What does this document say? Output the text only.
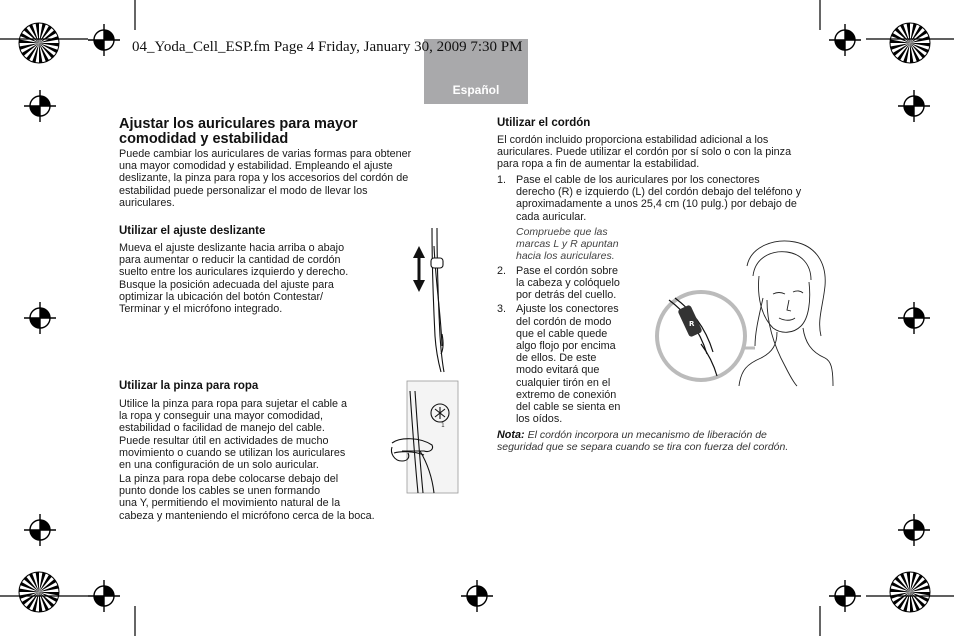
Español
04_Yoda_Cell_ESP.fm Page 4 Friday, January 30, 2009 7:30 PM
Ajustar los auriculares para mayor
comodidad y estabilidad
Puede cambiar los auriculares de varias formas para obtener
una mayor comodidad y estabilidad. Empleando el ajuste
deslizante, la pinza para ropa y los accesorios del cordón de
estabilidad puede personalizar el modo de llevar los
auriculares.
Utilizar el ajuste deslizante
Mueva el ajuste deslizante hacia arriba o abajo
para aumentar o reducir la cantidad de cordón
suelto entre los auriculares izquierdo y derecho.
Busque la posición adecuada del ajuste para
optimizar la ubicación del botón Contestar/
Terminar y el micrófono integrado.
Utilizar la pinza para ropa
Utilice la pinza para ropa para sujetar el cable a
la ropa y conseguir una mayor comodidad,
estabilidad o facilidad de manejo del cable.
Puede resultar útil en actividades de mucho
movimiento o cuando se utilizan los auriculares
en una configuración de un solo auricular.
La pinza para ropa debe colocarse debajo del
punto donde los cables se unen formando
una Y, permitiendo el movimiento natural de la
cabeza y manteniendo el micrófono cerca de la boca.
1
Utilizar el cordón
El cordón incluido proporciona estabilidad adicional a los
auriculares. Puede utilizar el cordón por sí solo o con la pinza
para ropa a fin de aumentar la estabilidad.
1. Pase el cable de los auriculares por los conectores
derecho (R) e izquierdo (L) del cordón debajo del teléfono y
aproximadamente a unos 25,4 cm (10 pulg.) por debajo de
cada auricular.
Compruebe que las
marcas L y R apuntan
hacia los auriculares.
2. Pase el cordón sobre
la cabeza y colóquelo
por detrás del cuello.
3. Ajuste los conectores
del cordón de modo
que el cable quede
algo flojo por encima
de ellos. De este
modo evitará que
cualquier tirón en el
extremo de conexión
del cable se sienta en
los oídos.
Nota: El cordón incorpora un mecanismo de liberación de
seguridad que se separa cuando se tira con fuerza del cordón.
R
